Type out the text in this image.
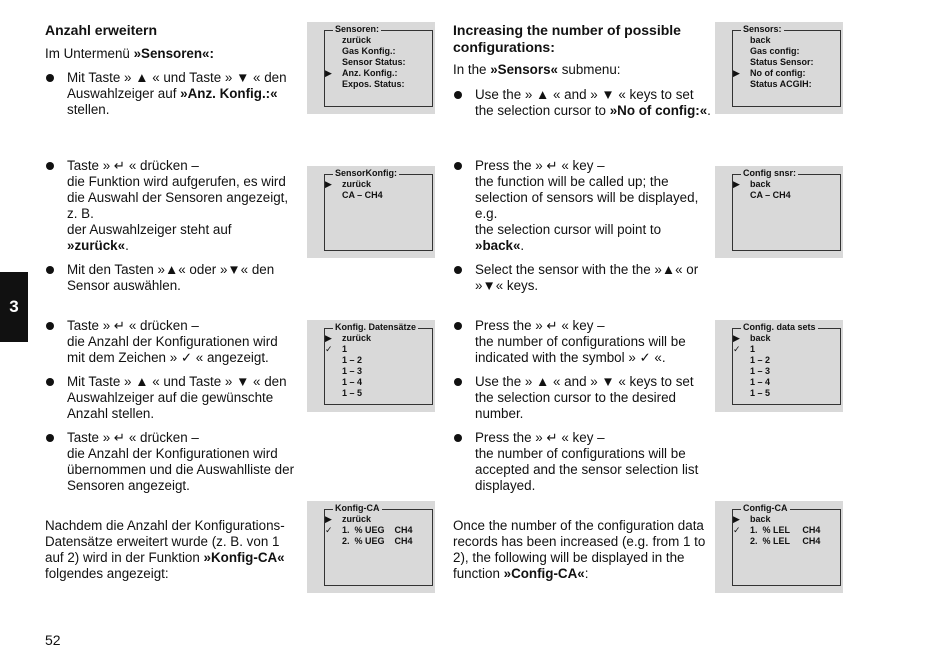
3
52

Anzahl erweitern

Im Untermenü »Sensoren«:

Mit Taste » ▲ « und Taste » ▼ « den Auswahlzeiger auf »Anz. Konfig.:« stellen.

Taste » ↵ « drücken –
die Funktion wird aufgerufen, es wird die Auswahl der Sensoren angezeigt, z. B.
der Auswahlzeiger steht auf
»zurück«.

Mit den Tasten »▲« oder »▼« den Sensor auswählen.

Taste » ↵ « drücken –
die Anzahl der Konfigurationen wird mit dem Zeichen » ✓ « angezeigt.

Mit Taste » ▲ « und Taste » ▼ « den Auswahlzeiger auf die gewünschte Anzahl stellen.

Taste » ↵ « drücken –
die Anzahl der Konfigurationen wird übernommen und die Auswahlliste der Sensoren angezeigt.

Nachdem die Anzahl der Konfigurations-Datensätze erweitert wurde (z. B. von 1 auf 2) wird in der Funktion »Konfig-CA« folgendes angezeigt:

Increasing the number of possible configurations:

In the »Sensors« submenu:

Use the » ▲ « and » ▼ « keys to set the selection cursor to »No of config:«.

Press the » ↵ « key –
the function will be called up; the selection of sensors will be displayed, e.g.
the selection cursor will point to
»back«.

Select the sensor with the the »▲« or »▼« keys.

Press the » ↵ « key –
the number of configurations will be indicated with the symbol » ✓ «.

Use the » ▲ « and » ▼ « keys to set the selection cursor to the desired number.

Press the » ↵ « key –
the number of configurations will be accepted and the sensor selection list displayed.

Once the number of the configuration data records has been increased (e.g. from 1 to 2), the following will be displayed in the function »Config-CA«:

Sensoren:
zurück
Gas Konfig.:
Sensor Status:
▶ Anz. Konfig.:
Expos. Status:
SensorKonfig:
▶ zurück
CA – CH4
Konfig. Datensätze
▶ zurück
✓ 1
1 – 2
1 – 3
1 – 4
1 – 5
Konfig-CA
▶ zurück
✓ 1.  % UEG    CH4
2.  % UEG    CH4
Sensors:
back
Gas config:
Status Sensor:
▶ No of config:
Status ACGIH:
Config snsr:
▶ back
CA – CH4
Config. data sets
▶ back
✓ 1
1 – 2
1 – 3
1 – 4
1 – 5
Config-CA
▶ back
✓ 1.  % LEL     CH4
2.  % LEL     CH4
